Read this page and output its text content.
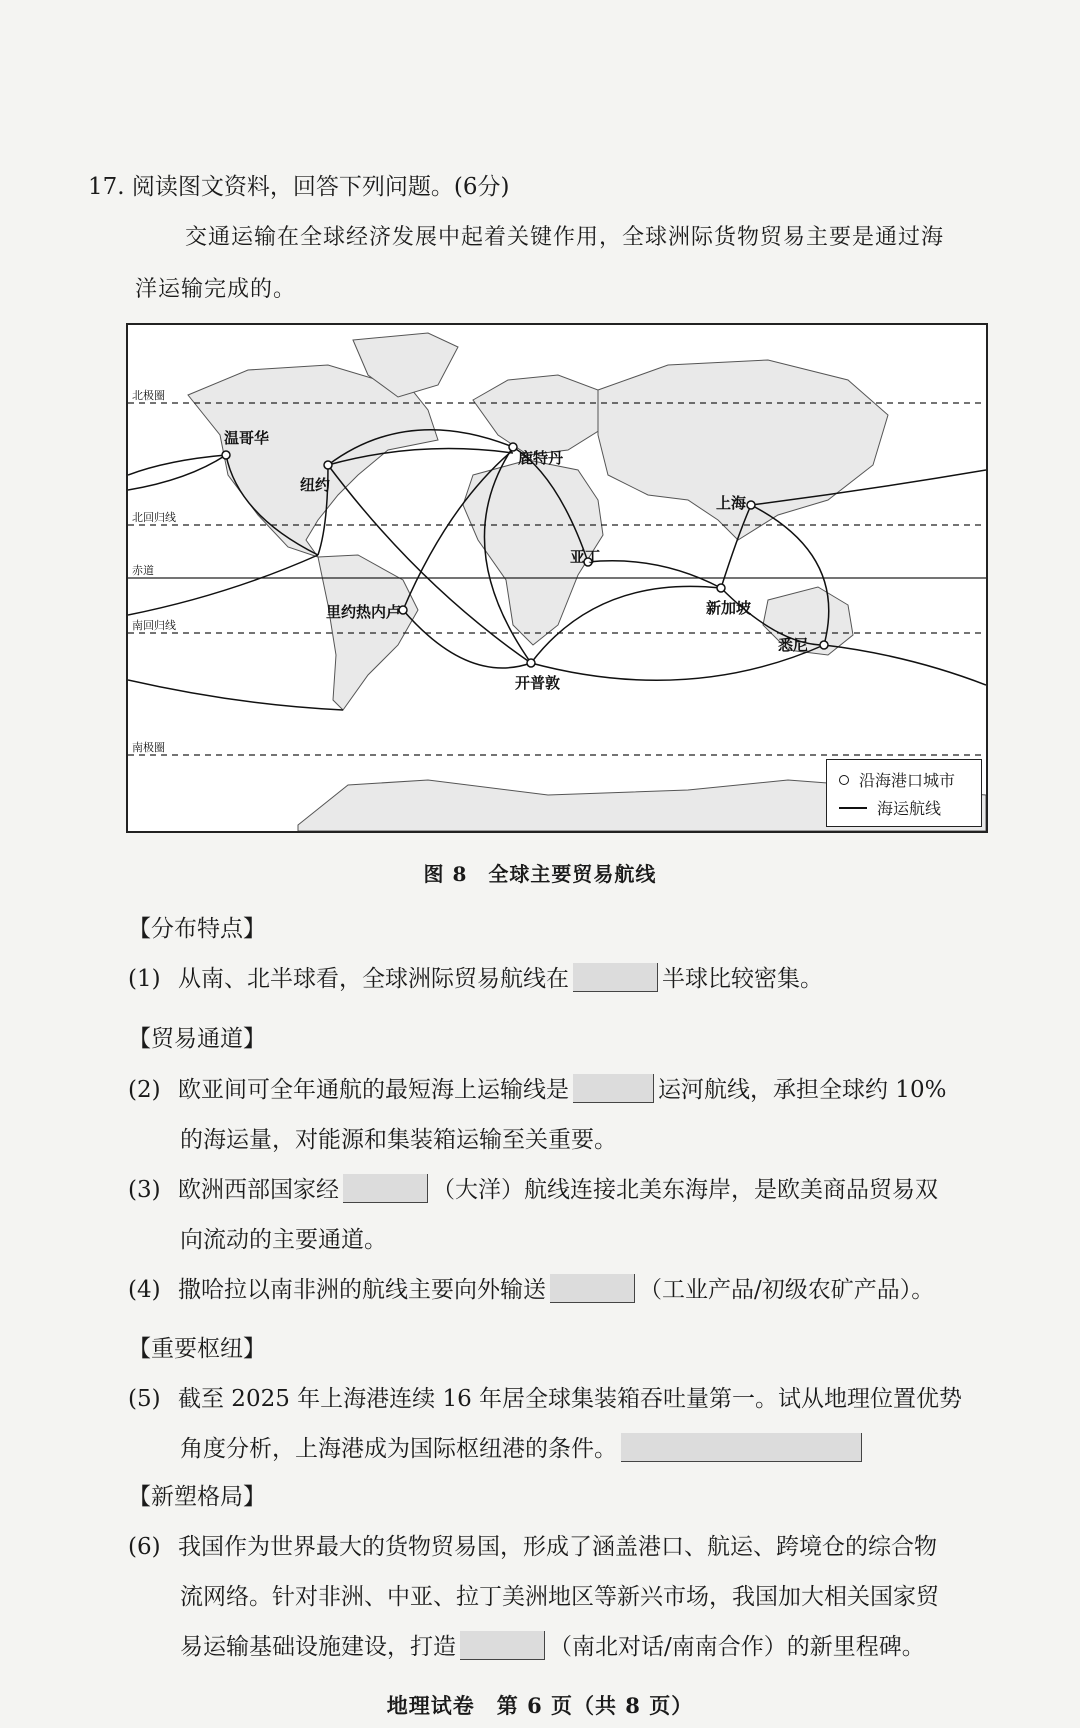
17. 阅读图文资料，回答下列问题。(6分)
交通运输在全球经济发展中起着关键作用，全球洲际货物贸易主要是通过海
洋运输完成的。
北极圈
北回归线
赤道
南回归线
南极圈
温哥华
纽约
鹿特丹
上海
亚丁
新加坡
里约热内卢
开普敦
悉尼
沿海港口城市
海运航线
图 8　全球主要贸易航线
【分布特点】
(1) 从南、北半球看，全球洲际贸易航线在	半球比较密集。
【贸易通道】
(2) 欧亚间可全年通航的最短海上运输线是	运河航线，承担全球约 10%
的海运量，对能源和集装箱运输至关重要。
(3) 欧洲西部国家经	（大洋）航线连接北美东海岸，是欧美商品贸易双
向流动的主要通道。
(4) 撒哈拉以南非洲的航线主要向外输送	（工业产品/初级农矿产品）。
【重要枢纽】
(5) 截至 2025 年上海港连续 16 年居全球集装箱吞吐量第一。试从地理位置优势
角度分析，上海港成为国际枢纽港的条件。
【新塑格局】
(6) 我国作为世界最大的货物贸易国，形成了涵盖港口、航运、跨境仓的综合物
流网络。针对非洲、中亚、拉丁美洲地区等新兴市场，我国加大相关国家贸
易运输基础设施建设，打造	（南北对话/南南合作）的新里程碑。
地理试卷　第 6 页（共 8 页）
